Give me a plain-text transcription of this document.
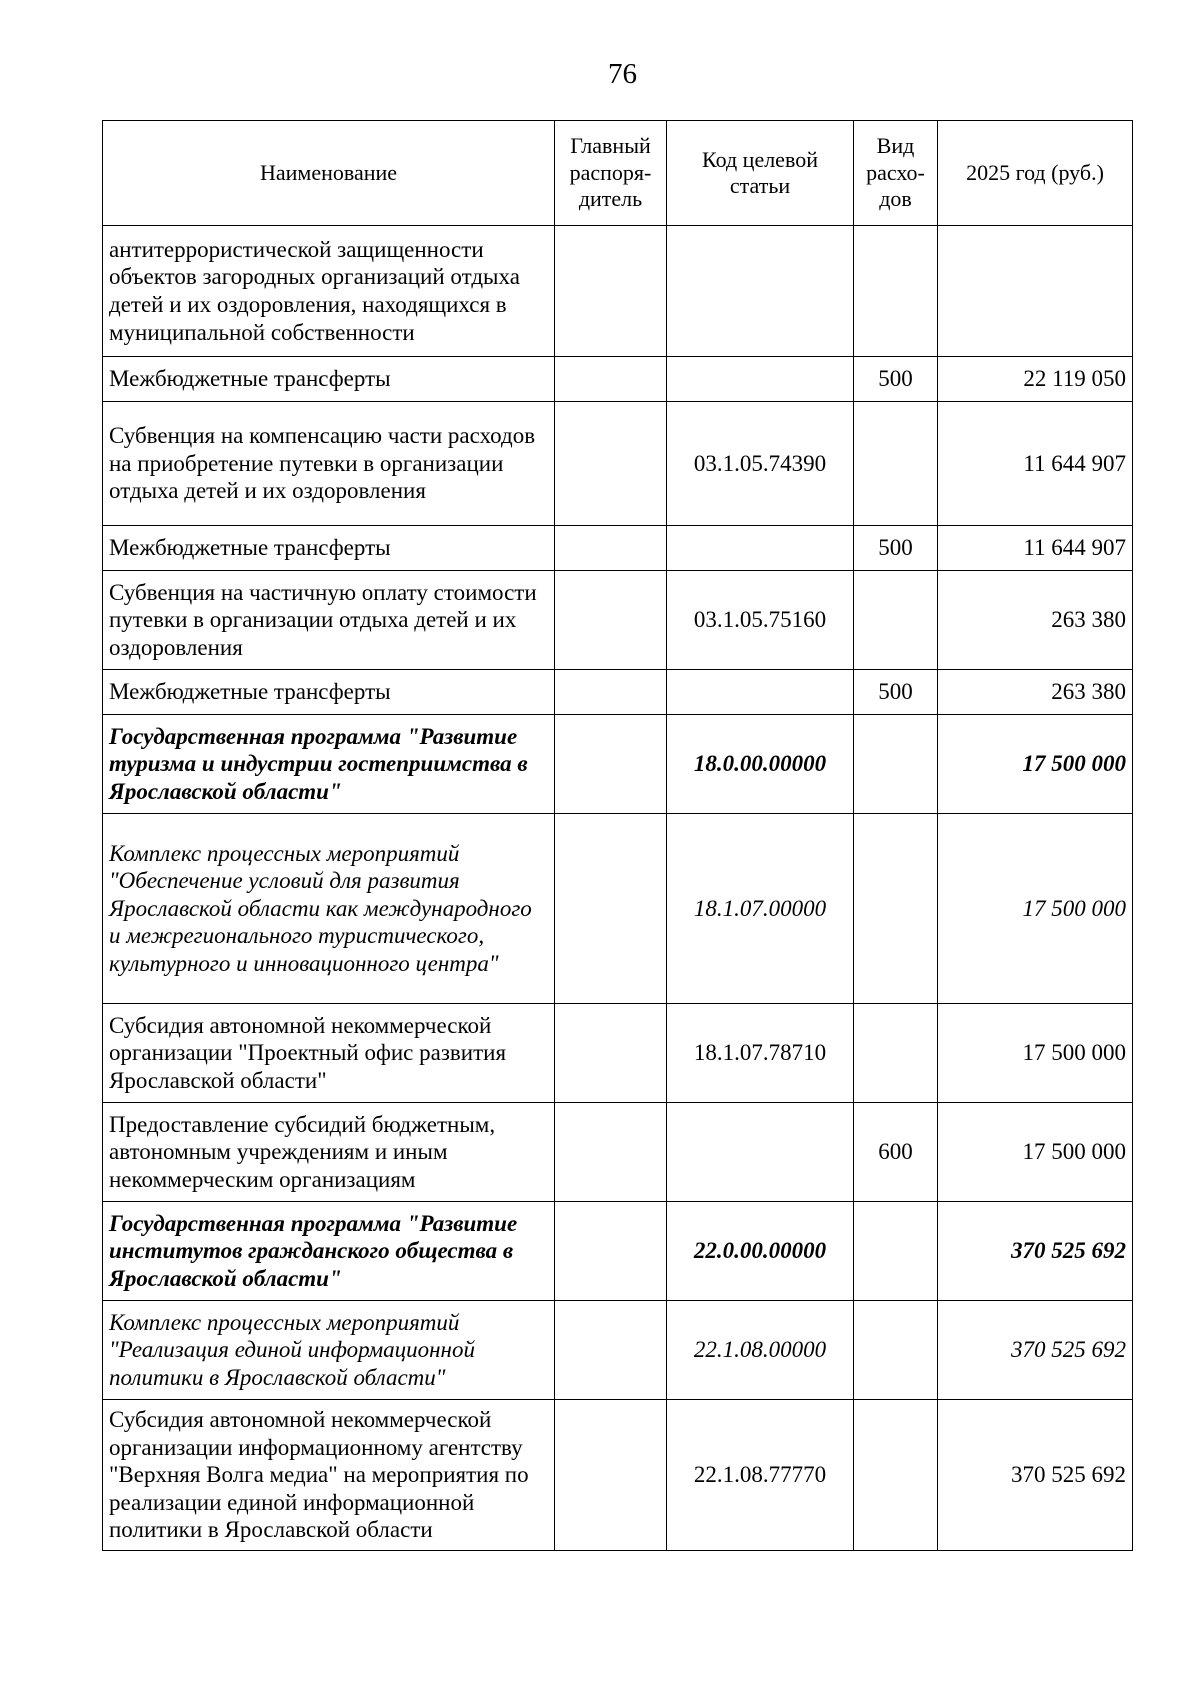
76
Наименование	Главный распоря-дитель	Код целевой статьи	Вид расхо-дов	2025 год (руб.)
антитеррористической защищенности объектов загородных организаций отдыха детей и их оздоровления, находящихся в муниципальной собственности				
Межбюджетные трансферты			500	22 119 050
Субвенция на компенсацию части расходов на приобретение путевки в организации отдыха детей и их оздоровления		03.1.05.74390		11 644 907
Межбюджетные трансферты			500	11 644 907
Субвенция на частичную оплату стоимости путевки в организации отдыха детей и их оздоровления		03.1.05.75160		263 380
Межбюджетные трансферты			500	263 380
Государственная программа "Развитие туризма и индустрии гостеприимства в Ярославской области"		18.0.00.00000		17 500 000
Комплекс процессных мероприятий "Обеспечение условий для развития Ярославской области как международного и межрегионального туристического, культурного и инновационного центра"		18.1.07.00000		17 500 000
Субсидия автономной некоммерческой организации "Проектный офис развития Ярославской области"		18.1.07.78710		17 500 000
Предоставление субсидий бюджетным, автономным учреждениям и иным некоммерческим организациям			600	17 500 000
Государственная программа "Развитие институтов гражданского общества в Ярославской области"		22.0.00.00000		370 525 692
Комплекс процессных мероприятий "Реализация единой информационной политики в Ярославской области"		22.1.08.00000		370 525 692
Субсидия автономной некоммерческой организации информационному агентству "Верхняя Волга медиа" на мероприятия по реализации единой информационной политики в Ярославской области		22.1.08.77770		370 525 692
